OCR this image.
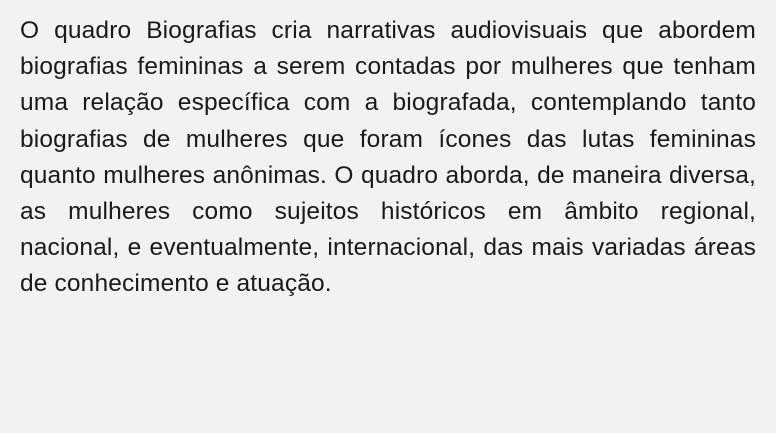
O quadro Biografias cria narrativas audiovisuais que abordem biografias femininas a serem contadas por mulheres que tenham uma relação específica com a biografada, contemplando tanto biografias de mulheres que foram ícones das lutas femininas quanto mulheres anônimas. O quadro aborda, de maneira diversa, as mulheres como sujeitos históricos em âmbito regional, nacional, e eventualmente, internacional, das mais variadas áreas de conhecimento e atuação.
